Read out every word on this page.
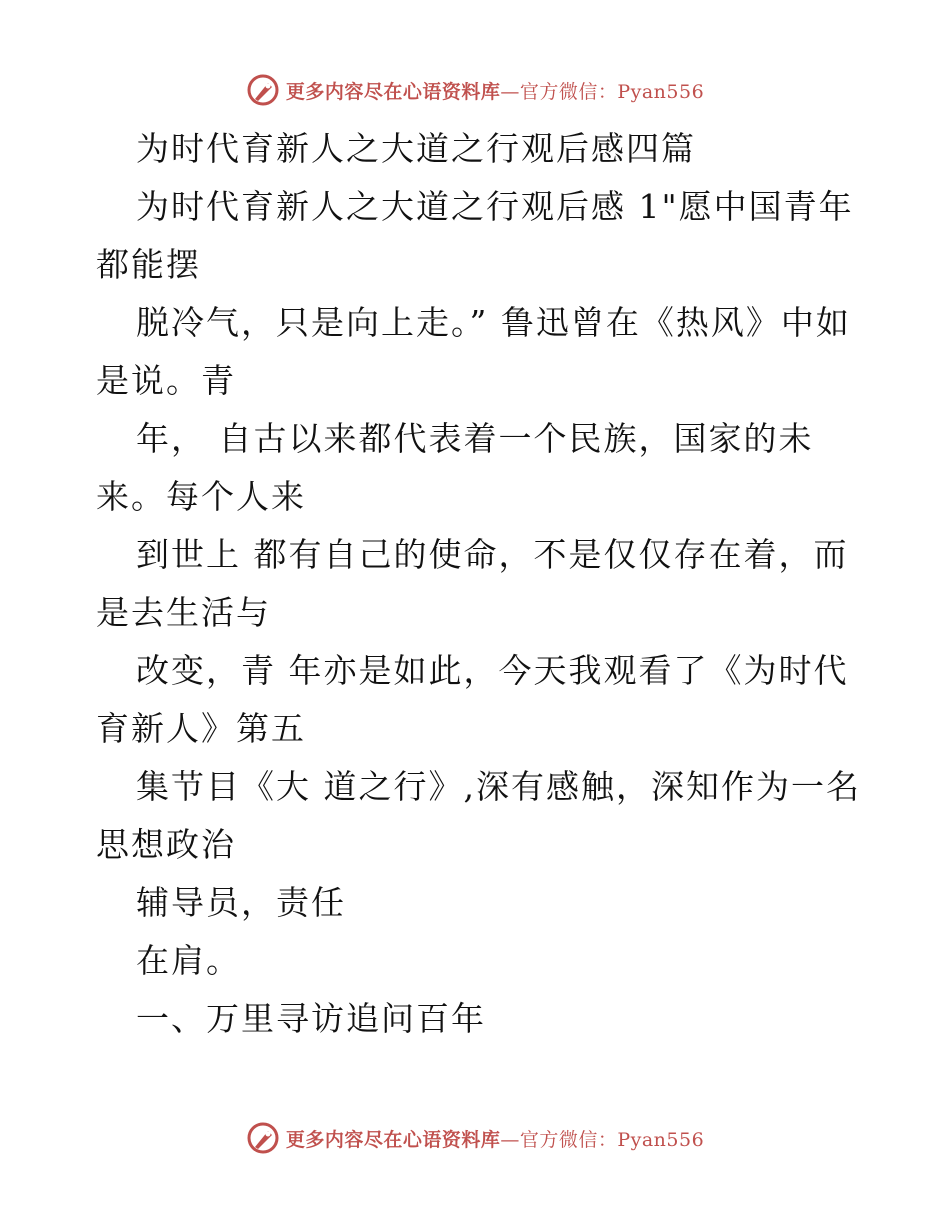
更多内容尽在心语资料库—官方微信：Pyan556

为时代育新人之大道之行观后感四篇

为时代育新人之大道之行观后感 1"愿中国青年

都能摆

脱冷气，只是向上走。” 鲁迅曾在《热风》中如

是说。青

年， 自古以来都代表着一个民族，国家的未

来。每个人来

到世上 都有自己的使命，不是仅仅存在着，而

是去生活与

改变，青 年亦是如此，今天我观看了《为时代

育新人》第五

集节目《大 道之行》,深有感触，深知作为一名

思想政治

辅导员，责任

在肩。

一、万里寻访追问百年

更多内容尽在心语资料库—官方微信：Pyan556
